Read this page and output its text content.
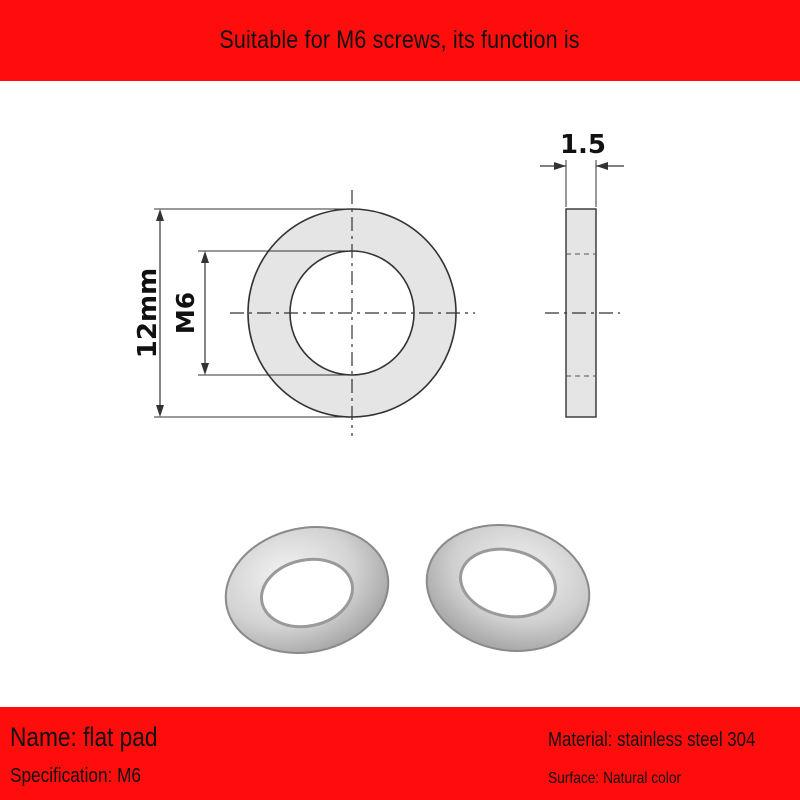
Suitable for M6 screws, its function is
12mm M6
1.5
Name: flat pad
Specification: M6
Material: stainless steel 304
Surface: Natural color
